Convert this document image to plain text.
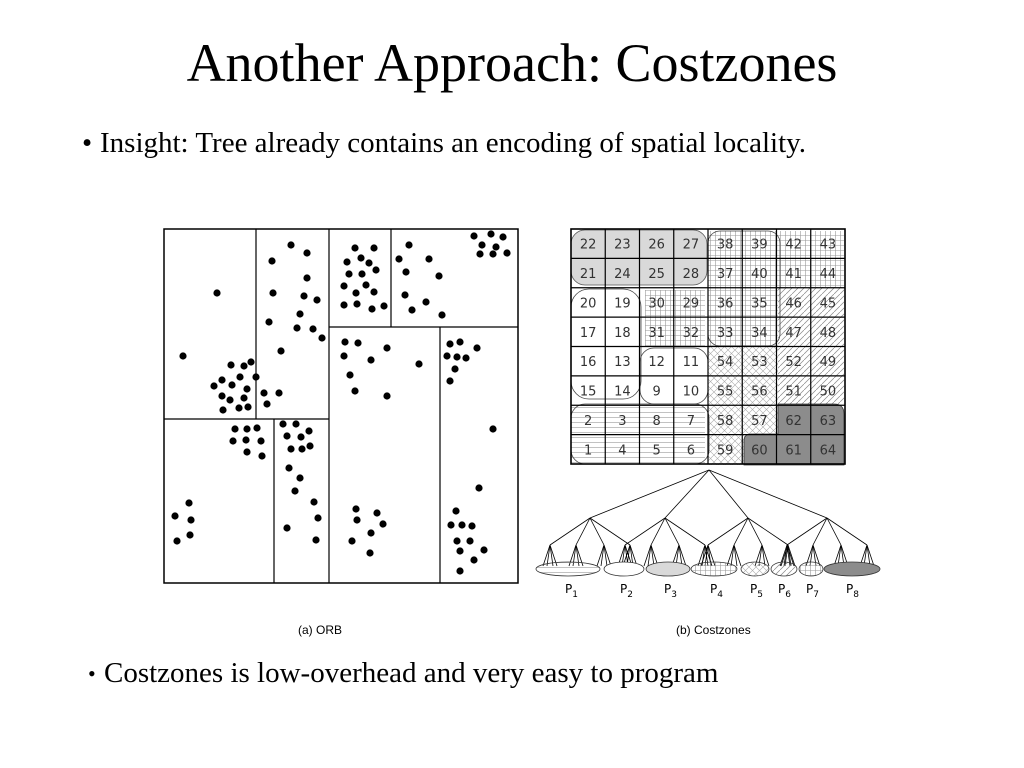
Another Approach: Costzones

• Insight: Tree already contains an encoding of spatial locality.

22 23 26 27 38 39 42 43
21 24 25 28 37 40 41 44
20 19 30 29 36 35 46 45
17 18 31 32 33 34 47 48
16 13 12 11 54 53 52 49
15 14 9 10 55 56 51 50
2 3 8 7 58 57 62 63
1 4 5 6 59 60 61 64
$P_1$	$P_2$	$P_3$	$P_4$ $P_5$ $P_6$ $P_7$ $P_8$
(a) ORB	(b) Costzones

• Costzones is low-overhead and very easy to program
